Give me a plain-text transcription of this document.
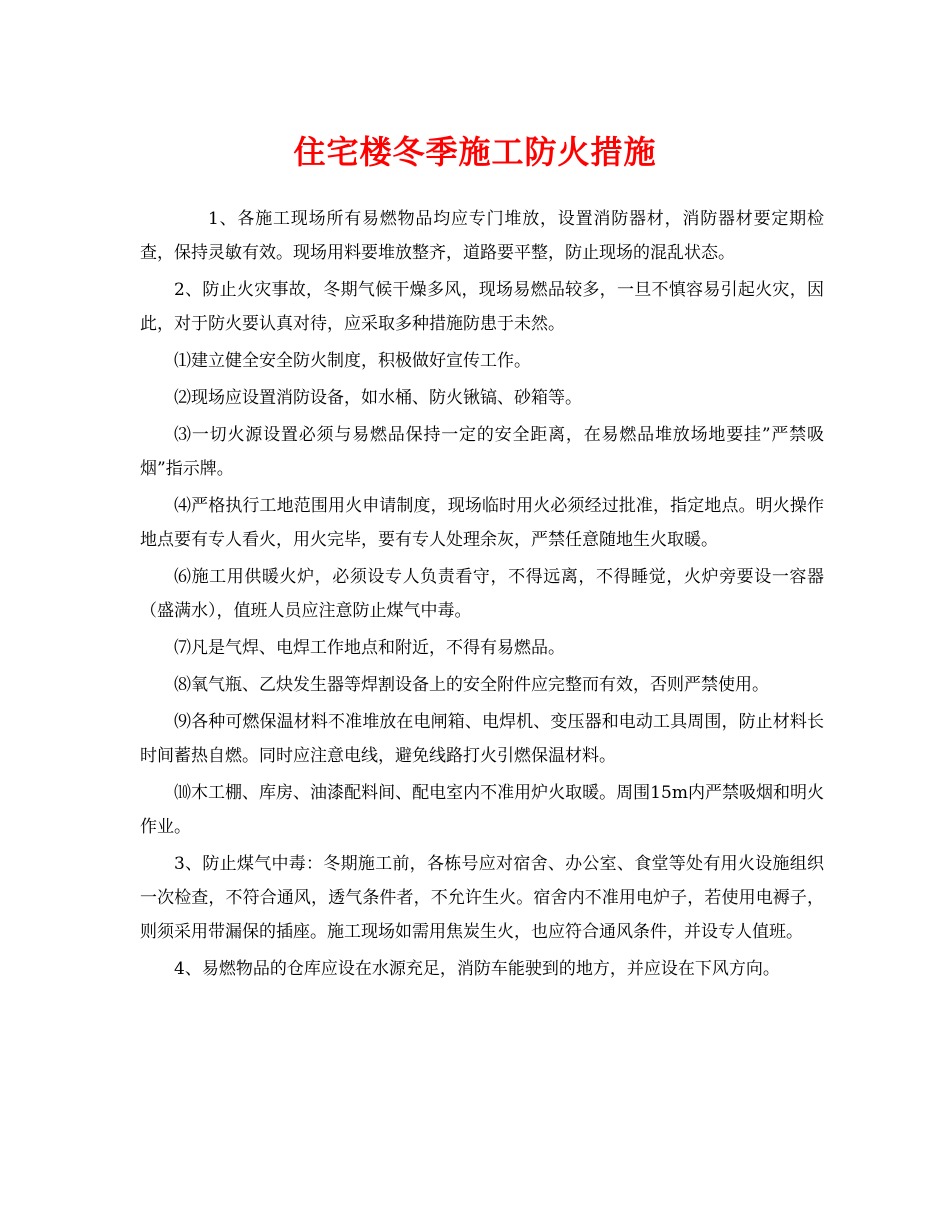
住宅楼冬季施工防火措施

1、各施工现场所有易燃物品均应专门堆放，设置消防器材，消防器材要定期检查，保持灵敏有效。现场用料要堆放整齐，道路要平整，防止现场的混乱状态。

2、防止火灾事故，冬期气候干燥多风，现场易燃品较多，一旦不慎容易引起火灾，因此，对于防火要认真对待，应采取多种措施防患于未然。

⑴建立健全安全防火制度，积极做好宣传工作。

⑵现场应设置消防设备，如水桶、防火锹镐、砂箱等。

⑶一切火源设置必须与易燃品保持一定的安全距离，在易燃品堆放场地要挂”严禁吸烟”指示牌。

⑷严格执行工地范围用火申请制度，现场临时用火必须经过批准，指定地点。明火操作地点要有专人看火，用火完毕，要有专人处理余灰，严禁任意随地生火取暖。

⑹施工用供暖火炉，必须设专人负责看守，不得远离，不得睡觉，火炉旁要设一容器（盛满水），值班人员应注意防止煤气中毒。

⑺凡是气焊、电焊工作地点和附近，不得有易燃品。

⑻氧气瓶、乙炔发生器等焊割设备上的安全附件应完整而有效，否则严禁使用。

⑼各种可燃保温材料不准堆放在电闸箱、电焊机、变压器和电动工具周围，防止材料长时间蓄热自燃。同时应注意电线，避免线路打火引燃保温材料。

⑽木工棚、库房、油漆配料间、配电室内不准用炉火取暖。周围15m内严禁吸烟和明火作业。

3、防止煤气中毒：冬期施工前，各栋号应对宿舍、办公室、食堂等处有用火设施组织一次检查，不符合通风，透气条件者，不允许生火。宿舍内不准用电炉子，若使用电褥子，则须采用带漏保的插座。施工现场如需用焦炭生火，也应符合通风条件，并设专人值班。

4、易燃物品的仓库应设在水源充足，消防车能驶到的地方，并应设在下风方向。
